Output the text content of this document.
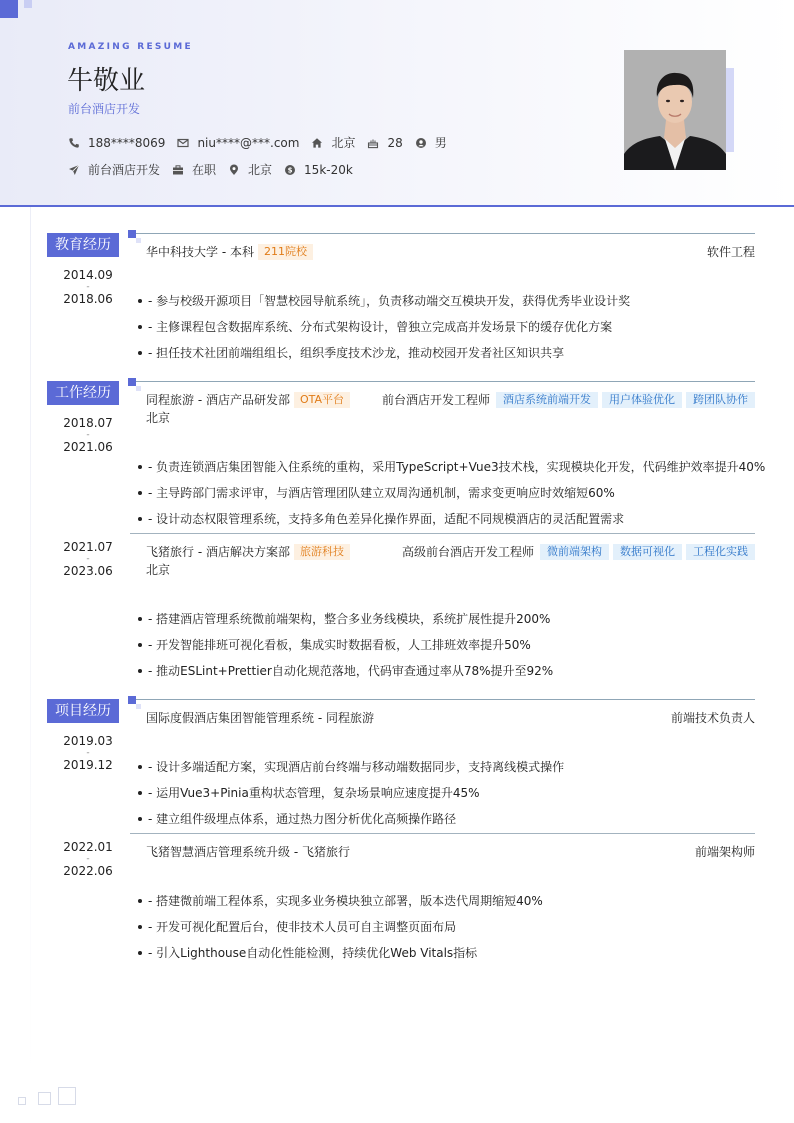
AMAZING RESUME
牛敬业
前台酒店开发
188****8069	niu****@***.com	北京	28	男
前台酒店开发	在职	北京 $ 15k-20k
教育经历
2014.09
-
2018.06
华中科技大学 - 本科 211院校	软件工程
- 参与校级开源项目「智慧校园导航系统」，负责移动端交互模块开发，获得优秀毕业设计奖
- 主修课程包含数据库系统、分布式架构设计，曾独立完成高并发场景下的缓存优化方案
- 担任技术社团前端组组长，组织季度技术沙龙，推动校园开发者社区知识共享
工作经历
2018.07
-
2021.06
同程旅游 - 酒店产品研发部 OTA平台
北京
前台酒店开发工程师	酒店系统前端开发	用户体验优化	跨团队协作
- 负责连锁酒店集团智能入住系统的重构，采用TypeScript+Vue3技术栈，实现模块化开发，代码维护效率提升40%
- 主导跨部门需求评审，与酒店管理团队建立双周沟通机制，需求变更响应时效缩短60%
- 设计动态权限管理系统，支持多角色差异化操作界面，适配不同规模酒店的灵活配置需求
2021.07
-
2023.06
飞猪旅行 - 酒店解决方案部 旅游科技
北京
高级前台酒店开发工程师	微前端架构	数据可视化	工程化实践
- 搭建酒店管理系统微前端架构，整合多业务线模块，系统扩展性提升200%
- 开发智能排班可视化看板，集成实时数据看板，人工排班效率提升50%
- 推动ESLint+Prettier自动化规范落地，代码审查通过率从78%提升至92%
项目经历
2019.03
-
2019.12
国际度假酒店集团智能管理系统 - 同程旅游	前端技术负责人
- 设计多端适配方案，实现酒店前台终端与移动端数据同步，支持离线模式操作
- 运用Vue3+Pinia重构状态管理，复杂场景响应速度提升45%
- 建立组件级埋点体系，通过热力图分析优化高频操作路径
2022.01
-
2022.06
飞猪智慧酒店管理系统升级 - 飞猪旅行	前端架构师
- 搭建微前端工程体系，实现多业务模块独立部署，版本迭代周期缩短40%
- 开发可视化配置后台，使非技术人员可自主调整页面布局
- 引入Lighthouse自动化性能检测，持续优化Web Vitals指标
